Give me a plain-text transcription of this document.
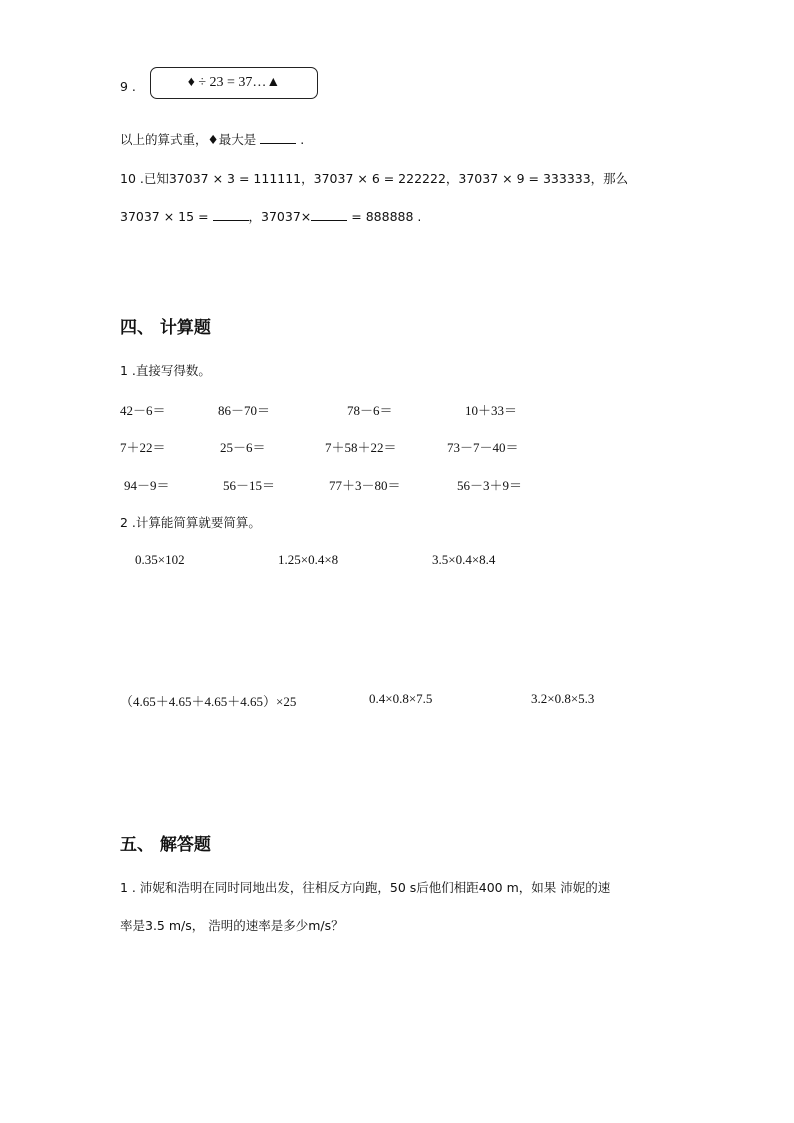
9 .	♦ ÷ 23 = 37…▲
以上的算式重，♦最大是	.
10 .已知37037 × 3 = 111111，37037 × 6 = 222222，37037 × 9 = 333333，那么
37037 × 15 =	，37037×	= 888888 .
四、 计算题
1 .直接写得数。
42－6＝	86－70＝	78－6＝	10＋33＝
7＋22＝	25－6＝	7＋58＋22＝	73－7－40＝
94－9＝	56－15＝	77＋3－80＝	56－3＋9＝
2 .计算能简算就要简算。
0.35×102	1.25×0.4×8	3.5×0.4×8.4
（4.65＋4.65＋4.65＋4.65）×25	0.4×0.8×7.5	3.2×0.8×5.3
五、 解答题
1 . 沛妮和浩明在同时同地出发，往相反方向跑，50 s后他们相距400 m，如果 沛妮的速
率是3.5 m/s， 浩明的速率是多少m/s？
